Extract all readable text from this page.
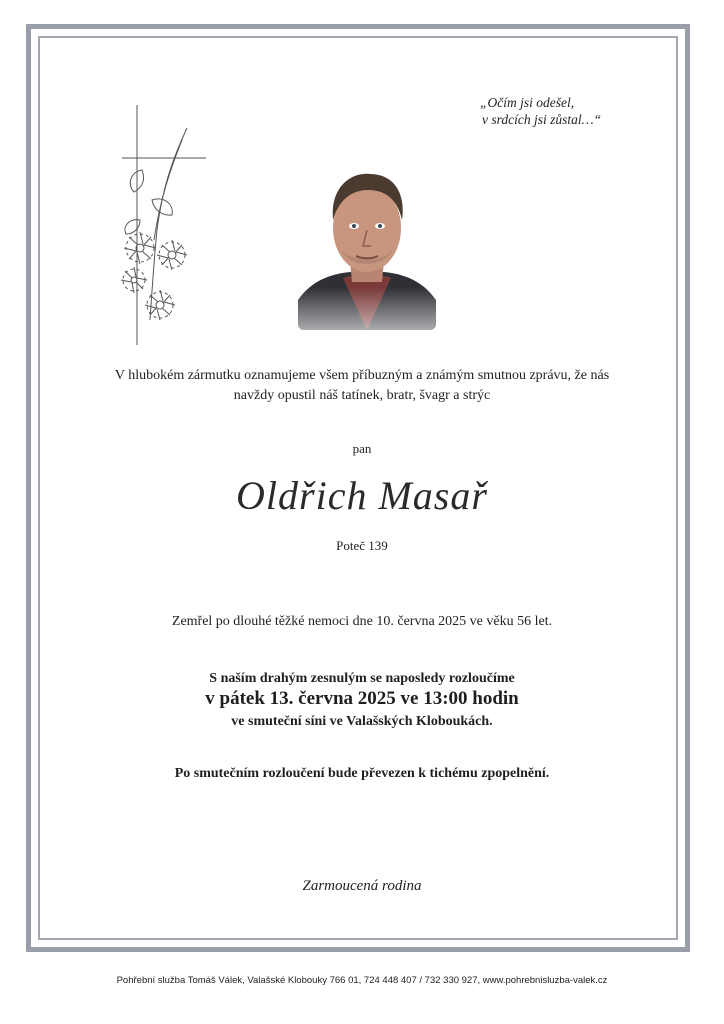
„Očím jsi odešel,
v srdcích jsi zůstal…“
V hlubokém zármutku oznamujeme všem příbuzným a známým smutnou zprávu, že nás
navždy opustil náš tatínek, bratr, švagr a strýc
pan
Oldřich Masař
Poteč 139
Zemřel po dlouhé těžké nemoci dne 10. června 2025 ve věku 56 let.
S naším drahým zesnulým se naposledy rozloučíme
v pátek 13. června 2025 ve 13:00 hodin
ve smuteční síni ve Valašských Kloboukách.
Po smutečním rozloučení bude převezen k tichému zpopelnění.
Zarmoucená rodina
Pohřební služba Tomáš Válek, Valašské Klobouky 766 01, 724 448 407 / 732 330 927, www.pohrebnisluzba-valek.cz
